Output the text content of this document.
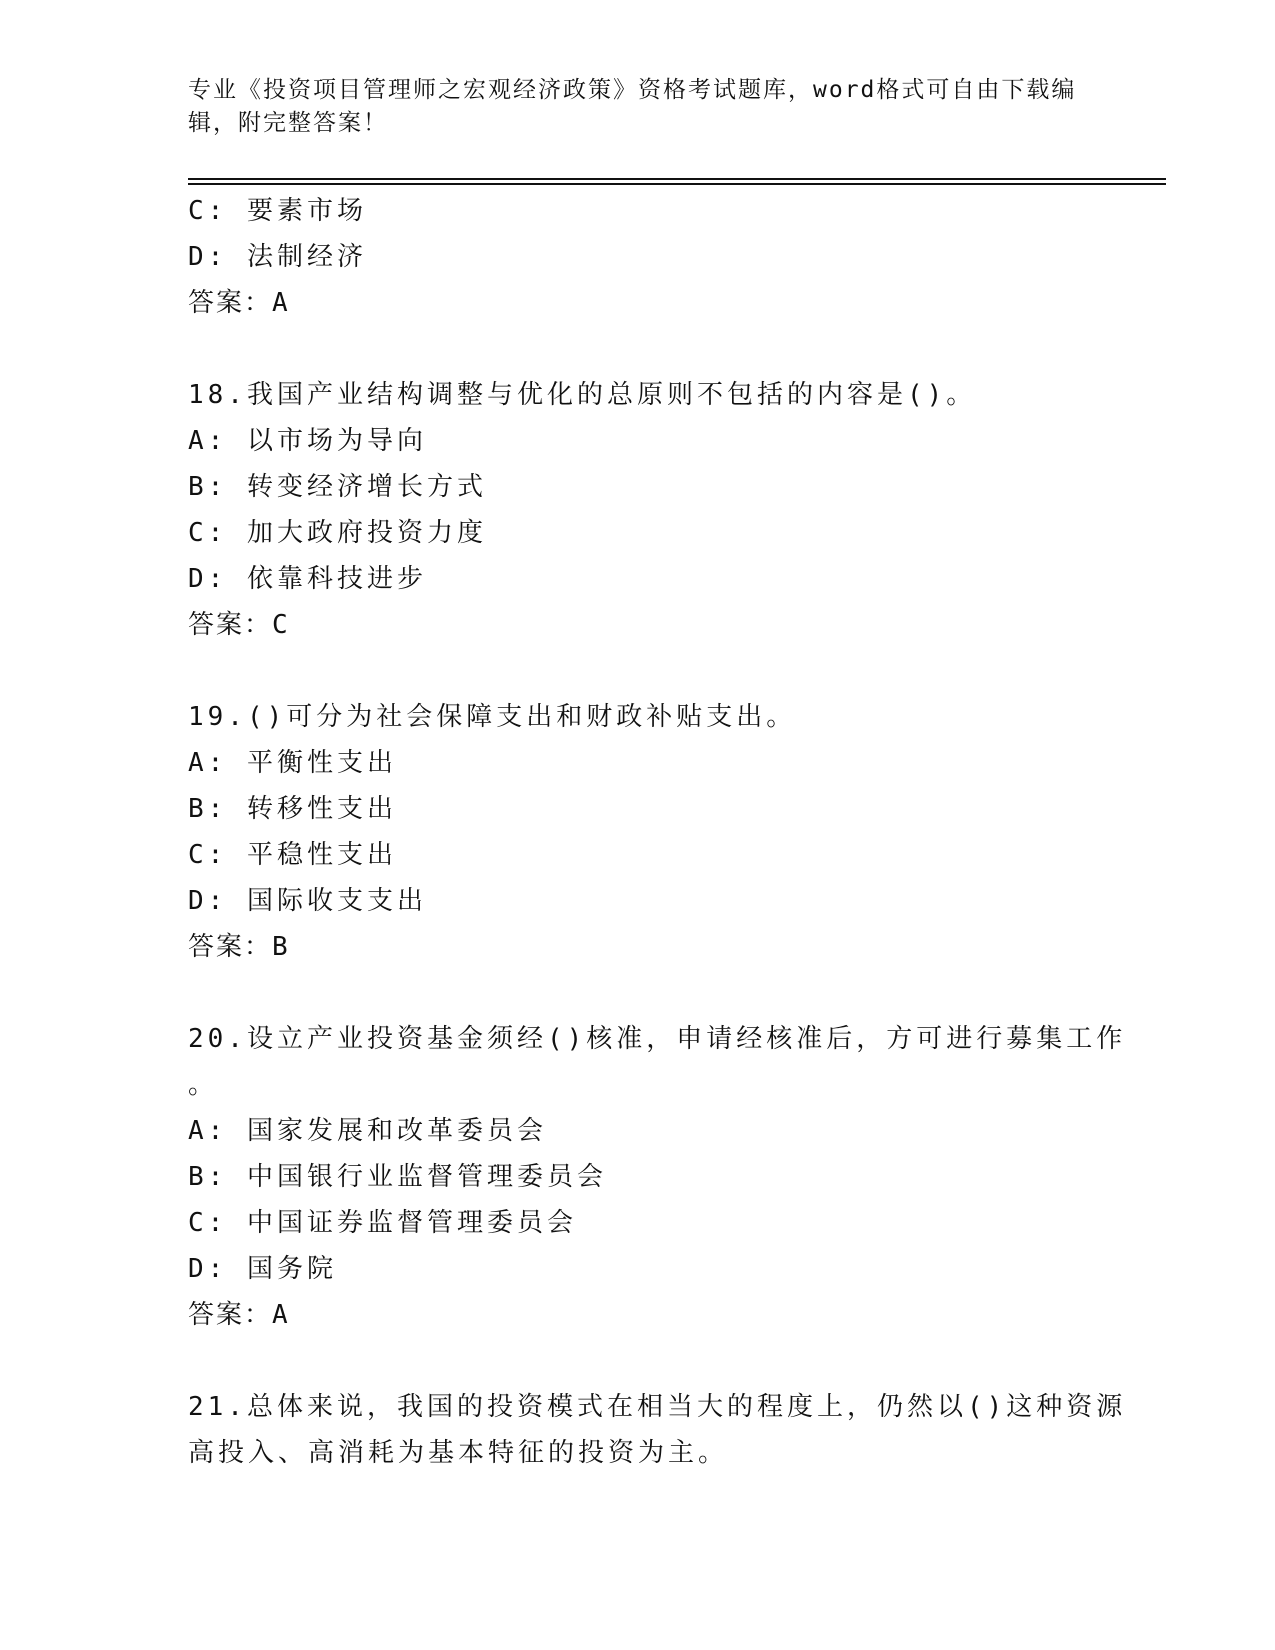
专业《投资项目管理师之宏观经济政策》资格考试题库，word格式可自由下载编辑，附完整答案！
C: 要素市场
D: 法制经济
答案：A
18.我国产业结构调整与优化的总原则不包括的内容是()。
A: 以市场为导向
B: 转变经济增长方式
C: 加大政府投资力度
D: 依靠科技进步
答案：C
19.()可分为社会保障支出和财政补贴支出。
A: 平衡性支出
B: 转移性支出
C: 平稳性支出
D: 国际收支支出
答案：B
20.设立产业投资基金须经()核准，申请经核准后，方可进行募集工作
。
A: 国家发展和改革委员会
B: 中国银行业监督管理委员会
C: 中国证券监督管理委员会
D: 国务院
答案：A
21.总体来说，我国的投资模式在相当大的程度上，仍然以()这种资源
高投入、高消耗为基本特征的投资为主。
